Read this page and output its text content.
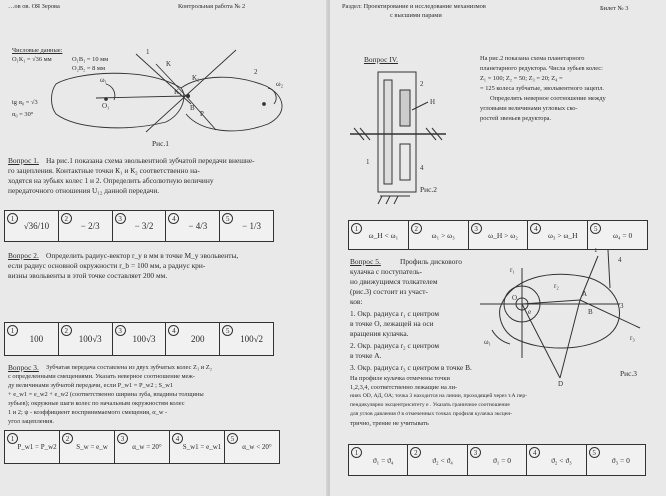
…ов ов. ОЯ Зерова	Контрольная работа № 2
Числовые данные:
О₁К₁ = √36 мм	О₁В₁ = 10 мм
О₂В₂ = 8 мм
tg α₀ = √3
α₀ = 30°
ω₁	ω₂
K₂
K₁
B
P
1
2
K
O₁
Рис.1
Вопрос 1. На рис.1 показана схема эвольвентной зубчатой передачи внешне-
го зацепления. Контактные точки К₁ и К₂ соответственно на-
ходятся на зубьях колес 1 и 2. Определить абсолютную величину
передаточного отношения U₁₂ данной передачи.
1
√36/10
2
− 2/3
3
− 3/2
4
− 4/3
5
− 1/3
Вопрос 2. Определить радиус-вектор r_y в мм в точке M_y эвольвенты,
если радиус основной окружности r_b = 100 мм, а радиус кри-
визны эвольвенты в этой точке составляет 200 мм.
1
100
2
100√3
3
100√3
4
200
5
100√2
Вопрос 3. Зубчатая передача составлена из двух зубчатых колес Z₁ и Z₂
с определенными смещениями. Указать неверное соотношение меж-
ду величинами зубчатой передачи, если P_w1 = P_w2 ; S_w1
+ e_w1 = e_w2 + e_w2 (соответственно ширина зуба, впадины толщины
зубьев); окружные шаги колес по начальным окружностям колес
1 и 2; ψ - коэффициент воспринимаемого смещения, α_w -
угол зацепления.
1
P_w1 = P_w2
2
S_w = e_w
3
α_w = 20°
4
S_w1 = e_w1
5
α_w < 20°
Раздел: Проектирование и исследование механизмов
с высшими парами
Билет № 3
Вопрос IV.
2
H
1
4
Рис.2
На рис.2 показана схема планетарного
планетарного редуктора. Числа зубьев колес:
Z₁ = 100; Z₂ = 50; Z₃ = 20; Z₄ =
= 125 колеса зубчатые, эвольвентного зацепл.
Определить неверное соотношение между
угловыми величинами угловых ско-
ростей звеньев редуктора.
1
ω_H < ω₁
2
ω₁ > ω₃
3
ω_H > ω₂
4
ω₃ > ω_H
5
ω₄ = 0
Вопрос 5.	Профиль дискового
кулачка с поступатель-
но движущимся толкателем
(рис.3) состоит из участ-
ков:
1. Окр. радиуса r₁ с центром
в точке О, лежащей на оси
вращения кулачка.
2. Окр. радиуса r₂ с центром
в точке А.
3. Окр. радиуса r₃ с центром в точке В.
O
e
A
B
D
ω₁	r₃
r₂
r₁
4
1
3
Рис.3
На профиле кулачка отмечены точки
1,2,3,4, соответственно лежащие на ли-
ниях OD, АД, ОА; точка 3 находится на линии, проходящей через т.А пер-
пендикулярно эксцентриситету e . Указать граничное соотношение
для углов давления ϑ в отмеченных точках профиля кулачка эксцен-
трично, трение не учитывать
1
ϑ₁ = ϑ₄
2
ϑ₂ < ϑ₄
3
ϑ₁ = 0
4
ϑ₂ < ϑ₃
5
ϑ₃ = 0
